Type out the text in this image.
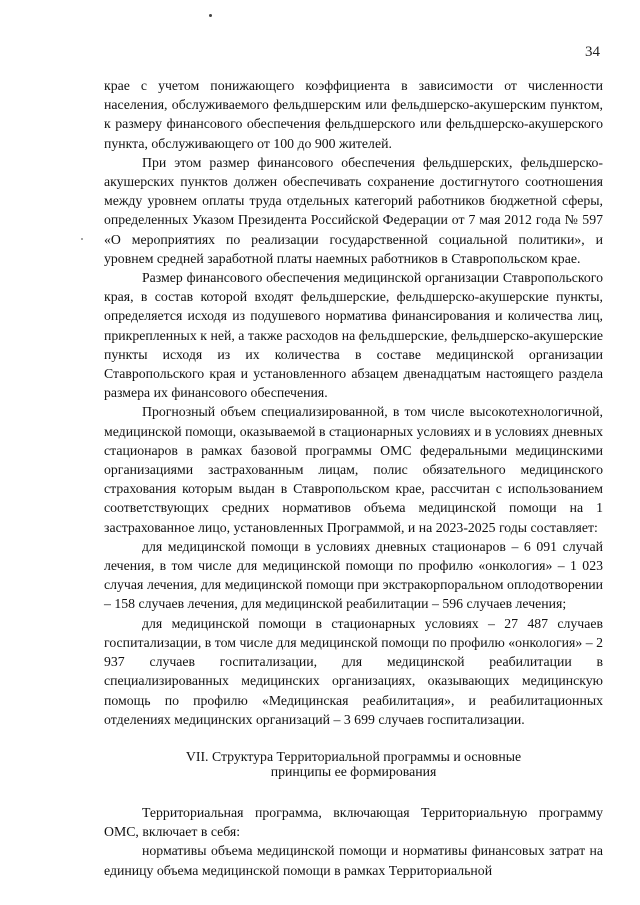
34

крае с учетом понижающего коэффициента в зависимости от численности населения, обслуживаемого фельдшерским или фельдшерско-акушерским пунктом, к размеру финансового обеспечения фельдшерского или фельдшерско-акушерского пункта, обслуживающего от 100 до 900 жителей.

При этом размер финансового обеспечения фельдшерских, фельдшерско-акушерских пунктов должен обеспечивать сохранение достигнутого соотношения между уровнем оплаты труда отдельных категорий работников бюджетной сферы, определенных Указом Президента Российской Федерации от 7 мая 2012 года № 597 «О мероприятиях по реализации государственной социальной политики», и уровнем средней заработной платы наемных работников в Ставропольском крае.

Размер финансового обеспечения медицинской организации Ставропольского края, в состав которой входят фельдшерские, фельдшерско-акушерские пункты, определяется исходя из подушевого норматива финансирования и количества лиц, прикрепленных к ней, а также расходов на фельдшерские, фельдшерско-акушерские пункты исходя из их количества в составе медицинской организации Ставропольского края и установленного абзацем двенадцатым настоящего раздела размера их финансового обеспечения.

Прогнозный объем специализированной, в том числе высокотехнологичной, медицинской помощи, оказываемой в стационарных условиях и в условиях дневных стационаров в рамках базовой программы ОМС федеральными медицинскими организациями застрахованным лицам, полис обязательного медицинского страхования которым выдан в Ставропольском крае, рассчитан с использованием соответствующих средних нормативов объема медицинской помощи на 1 застрахованное лицо, установленных Программой, и на 2023-2025 годы составляет:

для медицинской помощи в условиях дневных стационаров – 6 091 случай лечения, в том числе для медицинской помощи по профилю «онкология» – 1 023 случая лечения, для медицинской помощи при экстракорпоральном оплодотворении – 158 случаев лечения, для медицинской реабилитации – 596 случаев лечения;

для медицинской помощи в стационарных условиях – 27 487 случаев госпитализации, в том числе для медицинской помощи по профилю «онкология» – 2 937 случаев госпитализации, для медицинской реабилитации в специализированных медицинских организациях, оказывающих медицинскую помощь по профилю «Медицинская реабилитация», и реабилитационных отделениях медицинских организаций – 3 699 случаев госпитализации.

VII. Структура Территориальной программы и основные
принципы ее формирования

Территориальная программа, включающая Территориальную программу ОМС, включает в себя:

нормативы объема медицинской помощи и нормативы финансовых затрат на единицу объема медицинской помощи в рамках Территориальной
